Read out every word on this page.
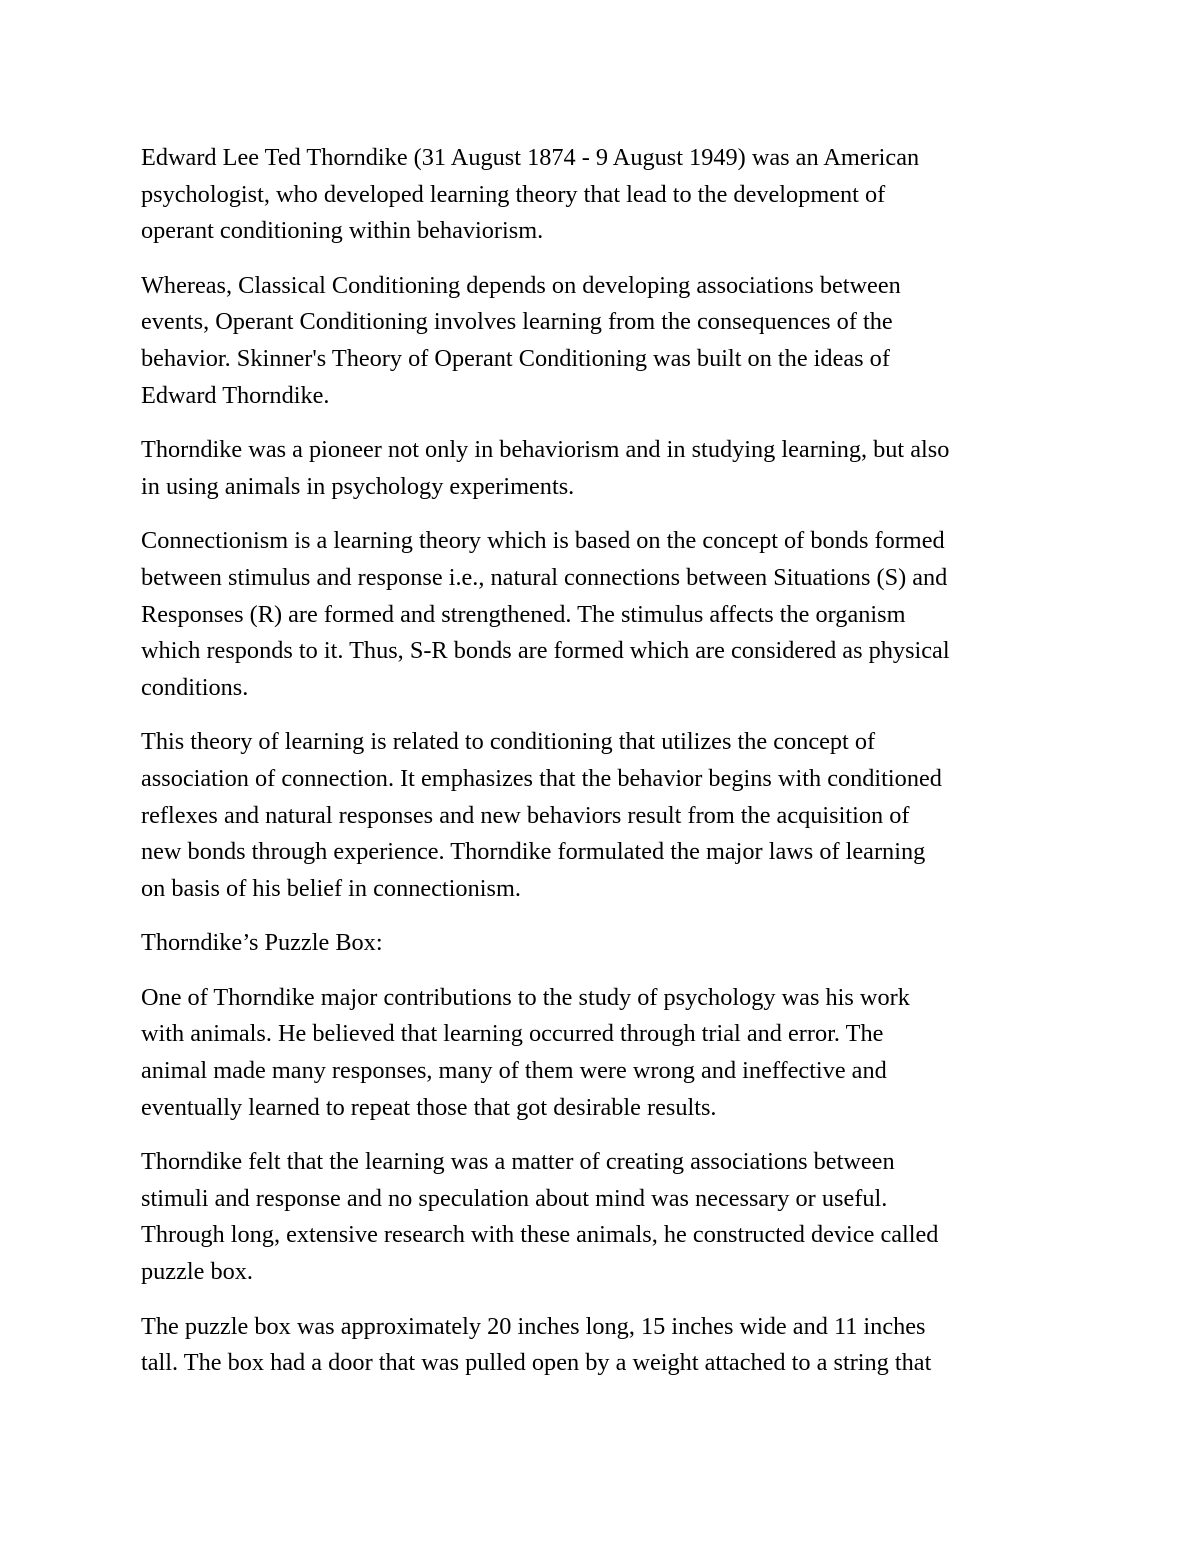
Edward Lee Ted Thorndike (31 August 1874 - 9 August 1949) was an American
psychologist, who developed learning theory that lead to the development of
operant conditioning within behaviorism.

Whereas, Classical Conditioning depends on developing associations between
events, Operant Conditioning involves learning from the consequences of the
behavior. Skinner's Theory of Operant Conditioning was built on the ideas of
Edward Thorndike.

Thorndike was a pioneer not only in behaviorism and in studying learning, but also
in using animals in psychology experiments.

Connectionism is a learning theory which is based on the concept of bonds formed
between stimulus and response i.e., natural connections between Situations (S) and
Responses (R) are formed and strengthened. The stimulus affects the organism
which responds to it. Thus, S-R bonds are formed which are considered as physical
conditions.

This theory of learning is related to conditioning that utilizes the concept of
association of connection. It emphasizes that the behavior begins with conditioned
reflexes and natural responses and new behaviors result from the acquisition of
new bonds through experience. Thorndike formulated the major laws of learning
on basis of his belief in connectionism.

Thorndike’s Puzzle Box:

One of Thorndike major contributions to the study of psychology was his work
with animals. He believed that learning occurred through trial and error. The
animal made many responses, many of them were wrong and ineffective and
eventually learned to repeat those that got desirable results.

Thorndike felt that the learning was a matter of creating associations between
stimuli and response and no speculation about mind was necessary or useful.
Through long, extensive research with these animals, he constructed device called
puzzle box.

The puzzle box was approximately 20 inches long, 15 inches wide and 11 inches
tall. The box had a door that was pulled open by a weight attached to a string that
